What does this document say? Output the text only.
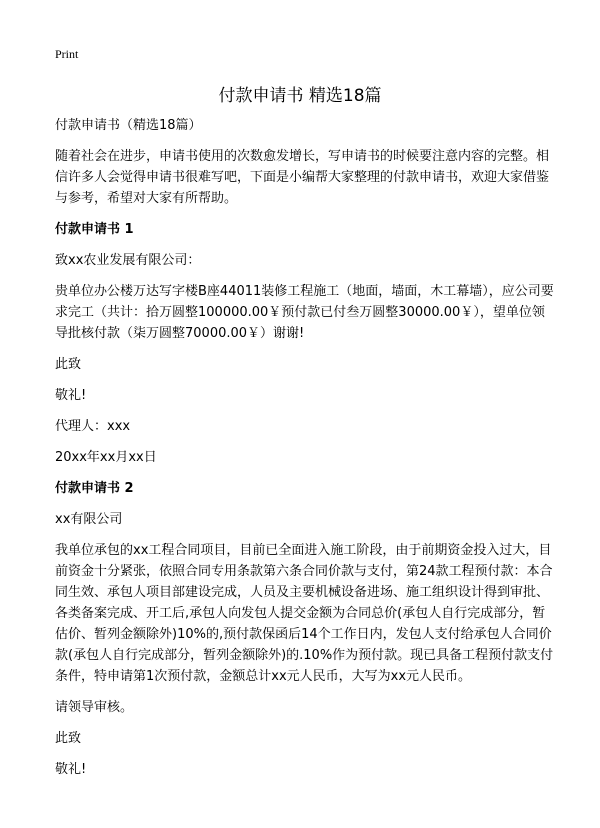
Print
付款申请书 精选18篇

付款申请书（精选18篇）

随着社会在进步，申请书使用的次数愈发增长，写申请书的时候要注意内容的完整。相信许多人会觉得申请书很难写吧，下面是小编帮大家整理的付款申请书，欢迎大家借鉴与参考，希望对大家有所帮助。

付款申请书 1

致xx农业发展有限公司：

贵单位办公楼万达写字楼B座44011装修工程施工（地面，墙面，木工幕墙），应公司要求完工（共计：拾万圆整100000.00￥预付款已付叁万圆整30000.00￥），望单位领导批核付款（柒万圆整70000.00￥）谢谢!

此致

敬礼!

代理人：xxx

20xx年xx月xx日

付款申请书 2

xx有限公司

我单位承包的xx工程合同项目，目前已全面进入施工阶段，由于前期资金投入过大，目前资金十分紧张，依照合同专用条款第六条合同价款与支付，第24款工程预付款：本合同生效、承包人项目部建设完成，人员及主要机械设备进场、施工组织设计得到审批、各类备案完成、开工后,承包人向发包人提交金额为合同总价(承包人自行完成部分，暂估价、暂列金额除外)10%的,预付款保函后14个工作日内，发包人支付给承包人合同价款(承包人自行完成部分，暂列金额除外)的.10%作为预付款。现已具备工程预付款支付条件，特申请第1次预付款，金额总计xx元人民币，大写为xx元人民币。

请领导审核。

此致

敬礼!
